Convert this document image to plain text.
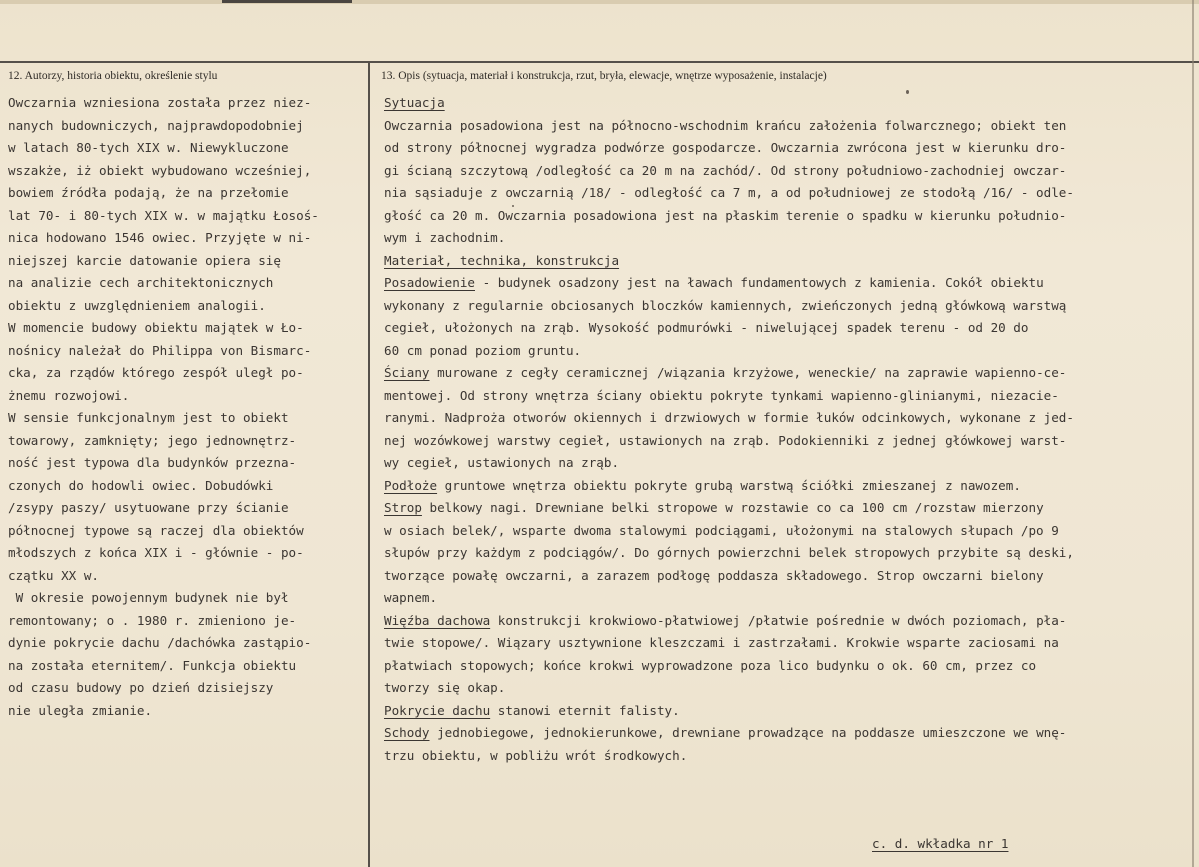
12. Autorzy, historia obiektu, określenie stylu	13. Opis (sytuacja, materiał i konstrukcja, rzut, bryła, elewacje, wnętrze wyposażenie, instalacje)
Owczarnia wzniesiona została przez niez-
nanych budowniczych, najprawdopodobniej
w latach 80-tych XIX w. Niewykluczone
wszakże, iż obiekt wybudowano wcześniej,
bowiem źródła podają, że na przełomie
lat 70- i 80-tych XIX w. w majątku Łosoś-
nica hodowano 1546 owiec. Przyjęte w ni-
niejszej karcie datowanie opiera się
na analizie cech architektonicznych
obiektu z uwzględnieniem analogii.
W momencie budowy obiektu majątek w Ło-
nośnicy należał do Philippa von Bismarc-
cka, za rządów którego zespół uległ po-
żnemu rozwojowi.
W sensie funkcjonalnym jest to obiekt
towarowy, zamknięty; jego jednownętrz-
ność jest typowa dla budynków przezna-
czonych do hodowli owiec. Dobudówki
/zsypy paszy/ usytuowane przy ścianie
północnej typowe są raczej dla obiektów
młodszych z końca XIX i - głównie - po-
czątku XX w.
W okresie powojennym budynek nie był
remontowany; o . 1980 r. zmieniono je-
dynie pokrycie dachu /dachówka zastąpio-
na została eternitem/. Funkcja obiektu
od czasu budowy po dzień dzisiejszy
nie uległa zmianie.
Sytuacja
Owczarnia posadowiona jest na północno-wschodnim krańcu założenia folwarcznego; obiekt ten
od strony północnej wygradza podwórze gospodarcze. Owczarnia zwrócona jest w kierunku dro-
gi ścianą szczytową /odległość ca 20 m na zachód/. Od strony południowo-zachodniej owczar-
nia sąsiaduje z owczarnią /18/ - odległość ca 7 m, a od południowej ze stodołą /16/ - odle-
głość ca 20 m. Owczarnia posadowiona jest na płaskim terenie o spadku w kierunku południo-
wym i zachodnim.
Materiał, technika, konstrukcja
Posadowienie - budynek osadzony jest na ławach fundamentowych z kamienia. Cokół obiektu
wykonany z regularnie obciosanych bloczków kamiennych, zwieńczonych jedną główkową warstwą
cegieł, ułożonych na zrąb. Wysokość podmurówki - niwelującej spadek terenu - od 20 do
60 cm ponad poziom gruntu.
Ściany murowane z cegły ceramicznej /wiązania krzyżowe, weneckie/ na zaprawie wapienno-ce-
mentowej. Od strony wnętrza ściany obiektu pokryte tynkami wapienno-glinianymi, niezacie-
ranymi. Nadproża otworów okiennych i drzwiowych w formie łuków odcinkowych, wykonane z jed-
nej wozówkowej warstwy cegieł, ustawionych na zrąb. Podokienniki z jednej główkowej warst-
wy cegieł, ustawionych na zrąb.
Podłoże gruntowe wnętrza obiektu pokryte grubą warstwą ściółki zmieszanej z nawozem.
Strop belkowy nagi. Drewniane belki stropowe w rozstawie co ca 100 cm /rozstaw mierzony
w osiach belek/, wsparte dwoma stalowymi podciągami, ułożonymi na stalowych słupach /po 9
słupów przy każdym z podciągów/. Do górnych powierzchni belek stropowych przybite są deski,
tworzące powałę owczarni, a zarazem podłogę poddasza składowego. Strop owczarni bielony
wapnem.
Więźba dachowa konstrukcji krokwiowo-płatwiowej /płatwie pośrednie w dwóch poziomach, pła-
twie stopowe/. Wiązary usztywnione kleszczami i zastrzałami. Krokwie wsparte zaciosami na
płatwiach stopowych; końce krokwi wyprowadzone poza lico budynku o ok. 60 cm, przez co
tworzy się okap.
Pokrycie dachu stanowi eternit falisty.
Schody jednobiegowe, jednokierunkowe, drewniane prowadzące na poddasze umieszczone we wnę-
trzu obiektu, w pobliżu wrót środkowych.
c. d. wkładka nr 1
